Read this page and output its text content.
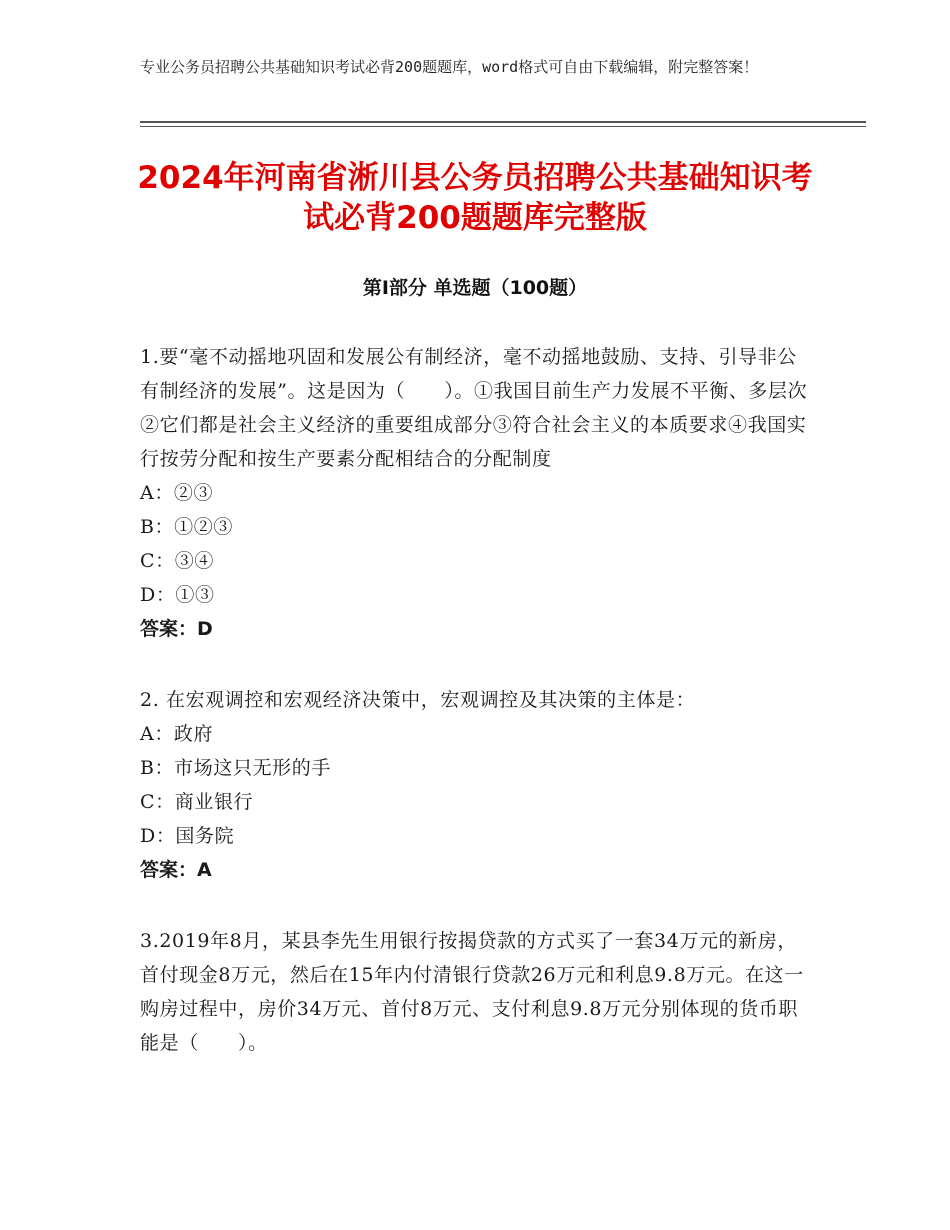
专业公务员招聘公共基础知识考试必背200题题库，word格式可自由下载编辑，附完整答案！
2024年河南省淅川县公务员招聘公共基础知识考试必背200题题库完整版
第Ⅰ部分 单选题（100题）

1.要“毫不动摇地巩固和发展公有制经济，毫不动摇地鼓励、支持、引导非公有制经济的发展”。这是因为（　　）。①我国目前生产力发展不平衡、多层次②它们都是社会主义经济的重要组成部分③符合社会主义的本质要求④我国实行按劳分配和按生产要素分配相结合的分配制度

A：②③

B：①②③

C：③④

D：①③

答案：D

2. 在宏观调控和宏观经济决策中，宏观调控及其决策的主体是：

A：政府

B：市场这只无形的手

C：商业银行

D：国务院

答案：A

3.2019年8月，某县李先生用银行按揭贷款的方式买了一套34万元的新房，首付现金8万元，然后在15年内付清银行贷款26万元和利息9.8万元。在这一购房过程中，房价34万元、首付8万元、支付利息9.8万元分别体现的货币职能是（　　）。
